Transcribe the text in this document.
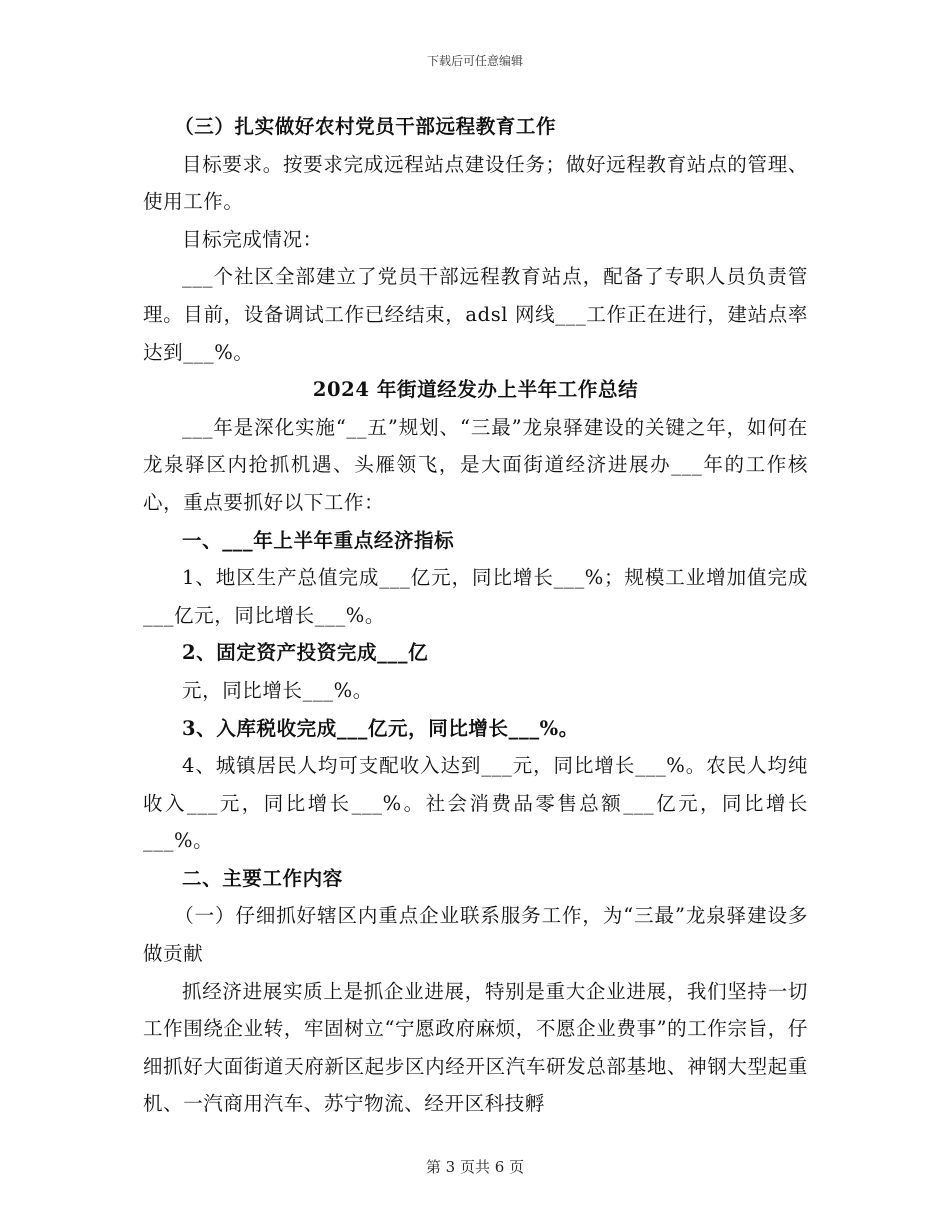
下载后可任意编辑

（三）扎实做好农村党员干部远程教育工作

目标要求。按要求完成远程站点建设任务；做好远程教育站点的管理、使用工作。

目标完成情况：

___个社区全部建立了党员干部远程教育站点，配备了专职人员负责管理。目前，设备调试工作已经结束，adsl 网线___工作正在进行，建站点率达到___%。

2024 年街道经发办上半年工作总结

___年是深化实施“__五”规划、“三最”龙泉驿建设的关键之年，如何在龙泉驿区内抢抓机遇、头雁领飞，是大面街道经济进展办___年的工作核心，重点要抓好以下工作：

一、___年上半年重点经济指标

1、地区生产总值完成___亿元，同比增长___%；规模工业增加值完成___亿元，同比增长___%。

2、固定资产投资完成___亿

元，同比增长___%。

3、入库税收完成___亿元，同比增长___%。

4、城镇居民人均可支配收入达到___元，同比增长___%。农民人均纯收入___元，同比增长___%。社会消费品零售总额___亿元，同比增长___%。

二、主要工作内容

（一）仔细抓好辖区内重点企业联系服务工作，为“三最”龙泉驿建设多做贡献

抓经济进展实质上是抓企业进展，特别是重大企业进展，我们坚持一切工作围绕企业转，牢固树立“宁愿政府麻烦，不愿企业费事”的工作宗旨，仔细抓好大面街道天府新区起步区内经开区汽车研发总部基地、神钢大型起重机、一汽商用汽车、苏宁物流、经开区科技孵

第 3 页共 6 页
